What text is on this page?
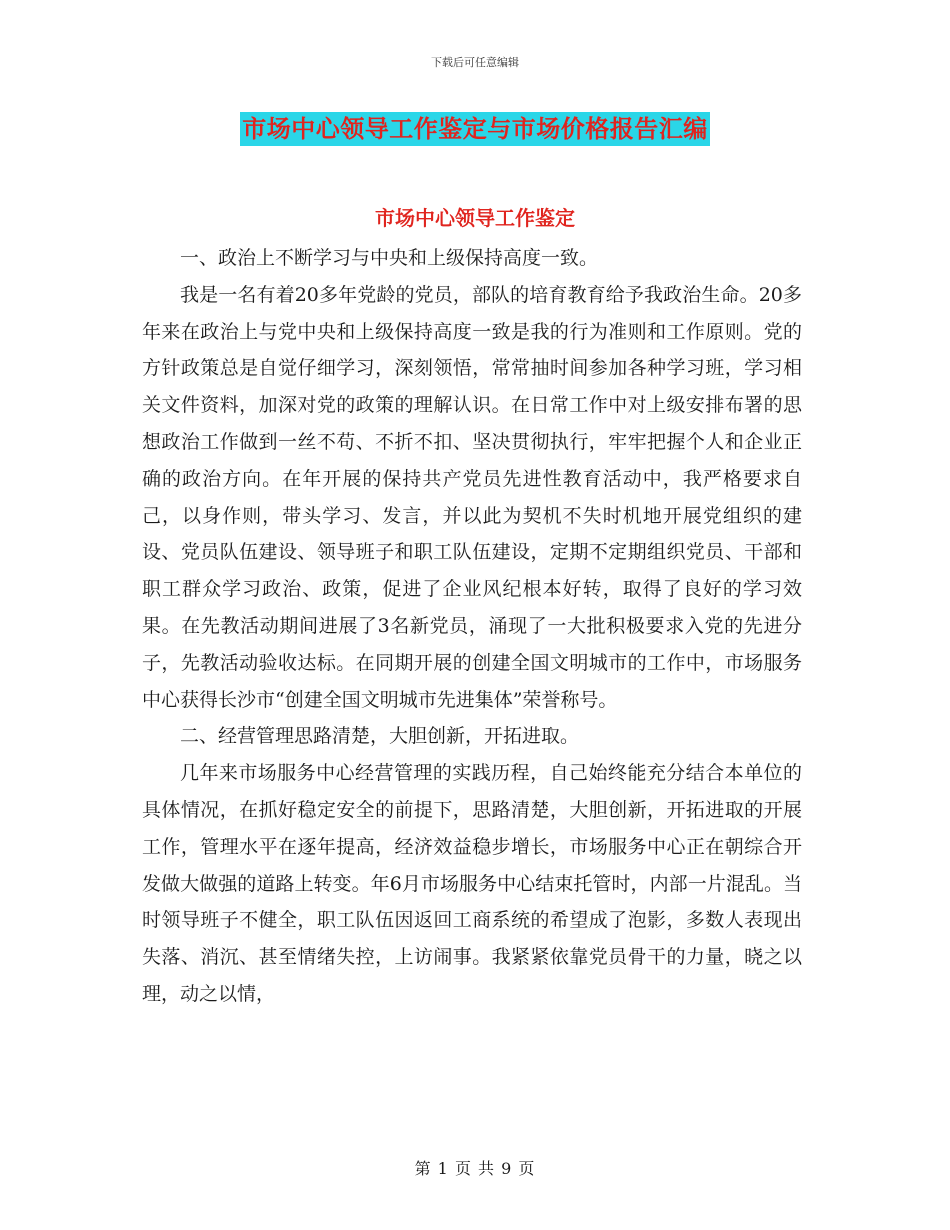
下载后可任意编辑
市场中心领导工作鉴定与市场价格报告汇编
市场中心领导工作鉴定

一、政治上不断学习与中央和上级保持高度一致。

我是一名有着20多年党龄的党员，部队的培育教育给予我政治生命。20多年来在政治上与党中央和上级保持高度一致是我的行为准则和工作原则。党的方针政策总是自觉仔细学习，深刻领悟，常常抽时间参加各种学习班，学习相关文件资料，加深对党的政策的理解认识。在日常工作中对上级安排布署的思想政治工作做到一丝不苟、不折不扣、坚决贯彻执行，牢牢把握个人和企业正确的政治方向。在年开展的保持共产党员先进性教育活动中，我严格要求自己，以身作则，带头学习、发言，并以此为契机不失时机地开展党组织的建设、党员队伍建设、领导班子和职工队伍建设，定期不定期组织党员、干部和职工群众学习政治、政策，促进了企业风纪根本好转，取得了良好的学习效果。在先教活动期间进展了3名新党员，涌现了一大批积极要求入党的先进分子，先教活动验收达标。在同期开展的创建全国文明城市的工作中，市场服务中心获得长沙市“创建全国文明城市先进集体”荣誉称号。

二、经营管理思路清楚，大胆创新，开拓进取。

几年来市场服务中心经营管理的实践历程，自己始终能充分结合本单位的具体情况，在抓好稳定安全的前提下，思路清楚，大胆创新，开拓进取的开展工作，管理水平在逐年提高，经济效益稳步增长，市场服务中心正在朝综合开发做大做强的道路上转变。年6月市场服务中心结束托管时，内部一片混乱。当时领导班子不健全，职工队伍因返回工商系统的希望成了泡影，多数人表现出失落、消沉、甚至情绪失控，上访闹事。我紧紧依靠党员骨干的力量，晓之以理，动之以情，

第 1 页 共 9 页
